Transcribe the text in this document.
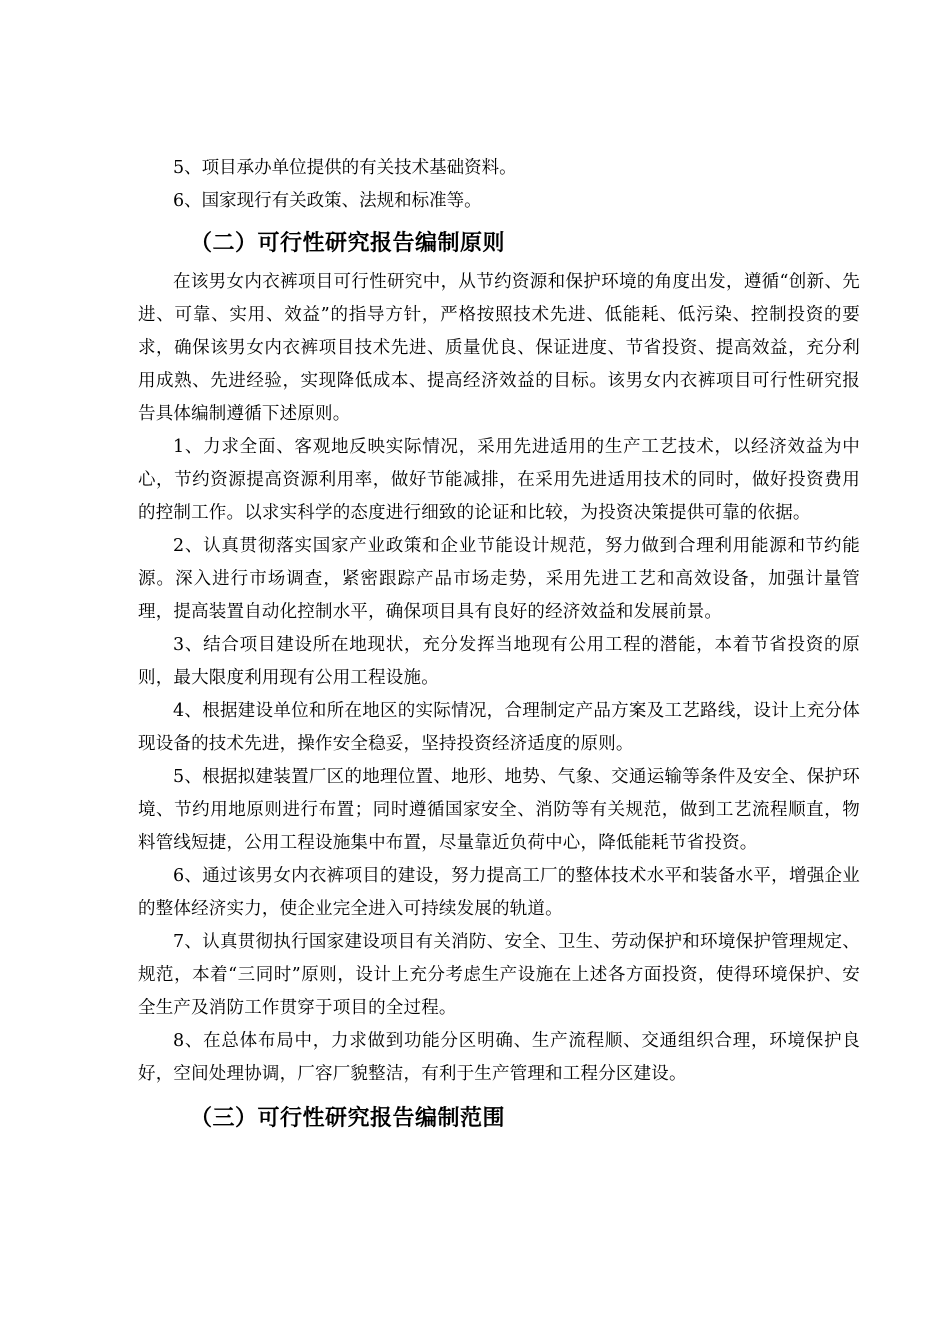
5、项目承办单位提供的有关技术基础资料。

6、国家现行有关政策、法规和标准等。

（二）可行性研究报告编制原则

在该男女内衣裤项目可行性研究中，从节约资源和保护环境的角度出发，遵循“创新、先进、可靠、实用、效益”的指导方针，严格按照技术先进、低能耗、低污染、控制投资的要求，确保该男女内衣裤项目技术先进、质量优良、保证进度、节省投资、提高效益，充分利用成熟、先进经验，实现降低成本、提高经济效益的目标。该男女内衣裤项目可行性研究报告具体编制遵循下述原则。

1、力求全面、客观地反映实际情况，采用先进适用的生产工艺技术，以经济效益为中心，节约资源提高资源利用率，做好节能减排，在采用先进适用技术的同时，做好投资费用的控制工作。以求实科学的态度进行细致的论证和比较，为投资决策提供可靠的依据。

2、认真贯彻落实国家产业政策和企业节能设计规范，努力做到合理利用能源和节约能源。深入进行市场调查，紧密跟踪产品市场走势，采用先进工艺和高效设备，加强计量管理，提高装置自动化控制水平，确保项目具有良好的经济效益和发展前景。

3、结合项目建设所在地现状，充分发挥当地现有公用工程的潜能，本着节省投资的原则，最大限度利用现有公用工程设施。

4、根据建设单位和所在地区的实际情况，合理制定产品方案及工艺路线，设计上充分体现设备的技术先进，操作安全稳妥，坚持投资经济适度的原则。

5、根据拟建装置厂区的地理位置、地形、地势、气象、交通运输等条件及安全、保护环境、节约用地原则进行布置；同时遵循国家安全、消防等有关规范，做到工艺流程顺直，物料管线短捷，公用工程设施集中布置，尽量靠近负荷中心，降低能耗节省投资。

6、通过该男女内衣裤项目的建设，努力提高工厂的整体技术水平和装备水平，增强企业的整体经济实力，使企业完全进入可持续发展的轨道。

7、认真贯彻执行国家建设项目有关消防、安全、卫生、劳动保护和环境保护管理规定、规范，本着“三同时”原则，设计上充分考虑生产设施在上述各方面投资，使得环境保护、安全生产及消防工作贯穿于项目的全过程。

8、在总体布局中，力求做到功能分区明确、生产流程顺、交通组织合理，环境保护良好，空间处理协调，厂容厂貌整洁，有利于生产管理和工程分区建设。

（三）可行性研究报告编制范围
